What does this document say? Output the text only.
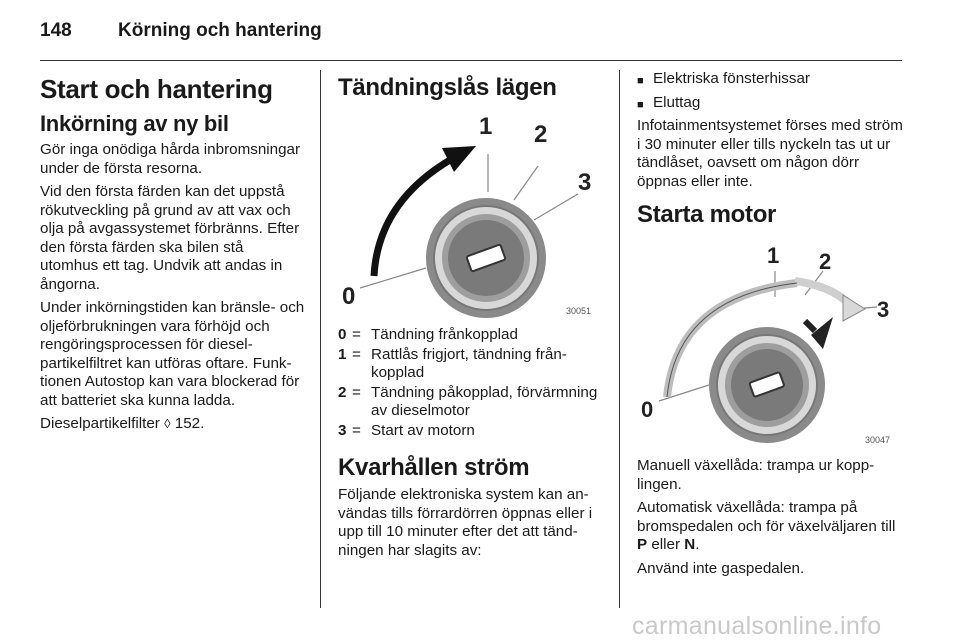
148 Körning och hantering
Start och hantering
Inkörning av ny bil

Gör inga onödiga hårda inbromsningar under de första resorna.

Vid den första färden kan det uppstå rökutveckling på grund av att vax och olja på avgassystemet förbränns. Efter den första färden ska bilen stå utomhus ett tag. Undvik att andas in ångorna.

Under inkörningstiden kan bränsle- och oljeförbrukningen vara förhöjd och rengöringsprocessen för dieselpartikelfiltret kan utföras oftare. Funktionen Autostop kan vara blockerad för att batteriet ska kunna ladda.

Dieselpartikelfilter ◊ 152.

Tändningslås lägen
1 2
3
0
30051
0 = Tändning frånkopplad
1 = Rattlås frigjort, tändning frånkopplad
2 = Tändning påkopplad, förvärmning av dieselmotor
3 = Start av motorn
Kvarhållen ström

Följande elektroniska system kan användas tills förrardörren öppnas eller i upp till 10 minuter efter det att tändningen har slagits av:

■ Elektriska fönsterhissar
■ Eluttag

Infotainmentsystemet förses med ström i 30 minuter eller tills nyckeln tas ut ur tändlåset, oavsett om någon dörr öppnas eller inte.

Starta motor
1 2
3
0
30047

Manuell växellåda: trampa ur kopplingen.

Automatisk växellåda: trampa på bromspedalen och för växelväljaren till P eller N.

Använd inte gaspedalen.

carmanualsonline.info
